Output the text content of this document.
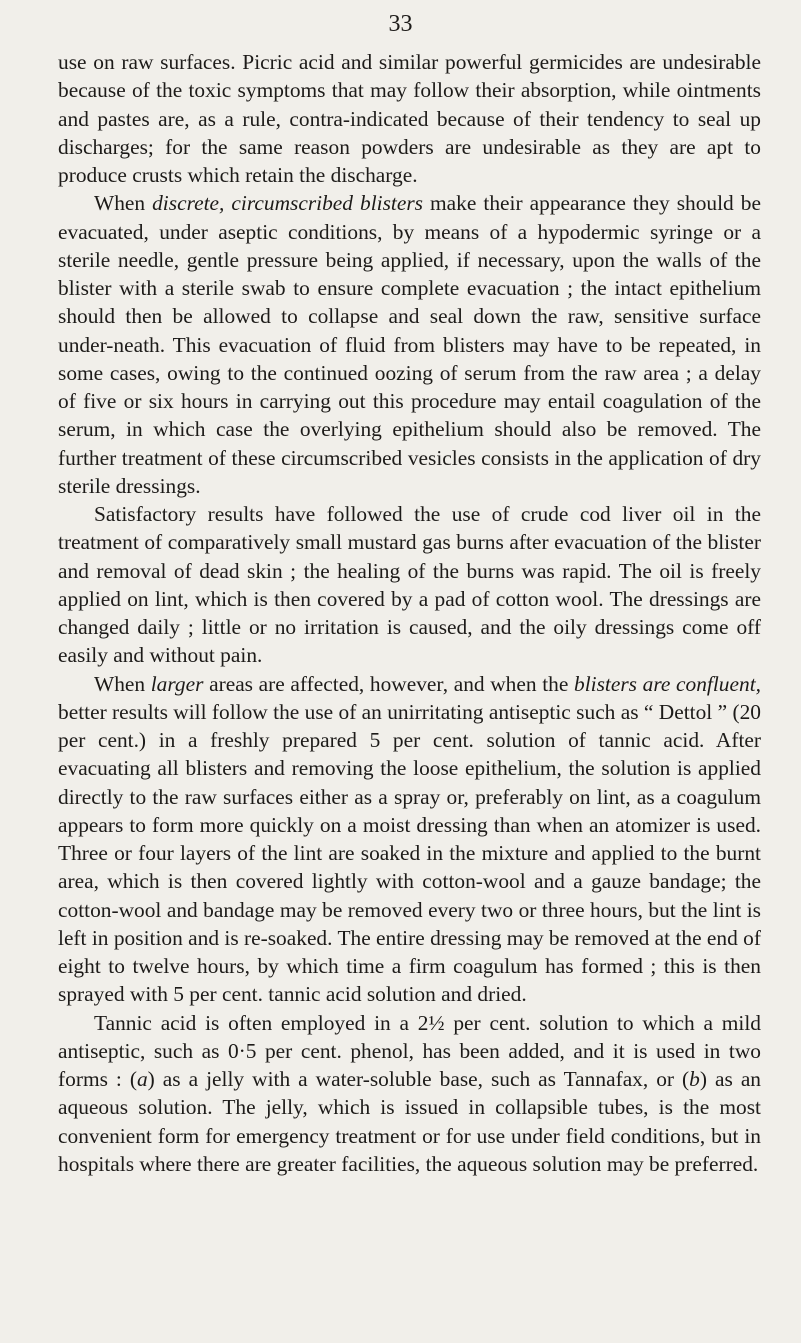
33

use on raw surfaces. Picric acid and similar powerful germicides are undesirable because of the toxic symptoms that may follow their absorption, while ointments and pastes are, as a rule, contra-indicated because of their tendency to seal up discharges; for the same reason powders are undesirable as they are apt to produce crusts which retain the discharge.

When discrete, circumscribed blisters make their appearance they should be evacuated, under aseptic conditions, by means of a hypodermic syringe or a sterile needle, gentle pressure being applied, if necessary, upon the walls of the blister with a sterile swab to ensure complete evacuation ; the intact epithelium should then be allowed to collapse and seal down the raw, sensitive surface under-neath. This evacuation of fluid from blisters may have to be repeated, in some cases, owing to the continued oozing of serum from the raw area ; a delay of five or six hours in carrying out this procedure may entail coagulation of the serum, in which case the overlying epithelium should also be removed. The further treatment of these circumscribed vesicles consists in the application of dry sterile dressings.

Satisfactory results have followed the use of crude cod liver oil in the treatment of comparatively small mustard gas burns after evacuation of the blister and removal of dead skin ; the healing of the burns was rapid. The oil is freely applied on lint, which is then covered by a pad of cotton wool. The dressings are changed daily ; little or no irritation is caused, and the oily dressings come off easily and without pain.

When larger areas are affected, however, and when the blisters are confluent, better results will follow the use of an unirritating antiseptic such as “ Dettol ” (20 per cent.) in a freshly prepared 5 per cent. solution of tannic acid. After evacuating all blisters and removing the loose epithelium, the solution is applied directly to the raw surfaces either as a spray or, preferably on lint, as a coagulum appears to form more quickly on a moist dressing than when an atomizer is used. Three or four layers of the lint are soaked in the mixture and applied to the burnt area, which is then covered lightly with cotton-wool and a gauze bandage; the cotton-wool and bandage may be removed every two or three hours, but the lint is left in position and is re-soaked. The entire dressing may be removed at the end of eight to twelve hours, by which time a firm coagulum has formed ; this is then sprayed with 5 per cent. tannic acid solution and dried.

Tannic acid is often employed in a 2½ per cent. solution to which a mild antiseptic, such as 0·5 per cent. phenol, has been added, and it is used in two forms : (a) as a jelly with a water-soluble base, such as Tannafax, or (b) as an aqueous solution. The jelly, which is issued in collapsible tubes, is the most convenient form for emergency treatment or for use under field conditions, but in hospitals where there are greater facilities, the aqueous solution may be preferred.
